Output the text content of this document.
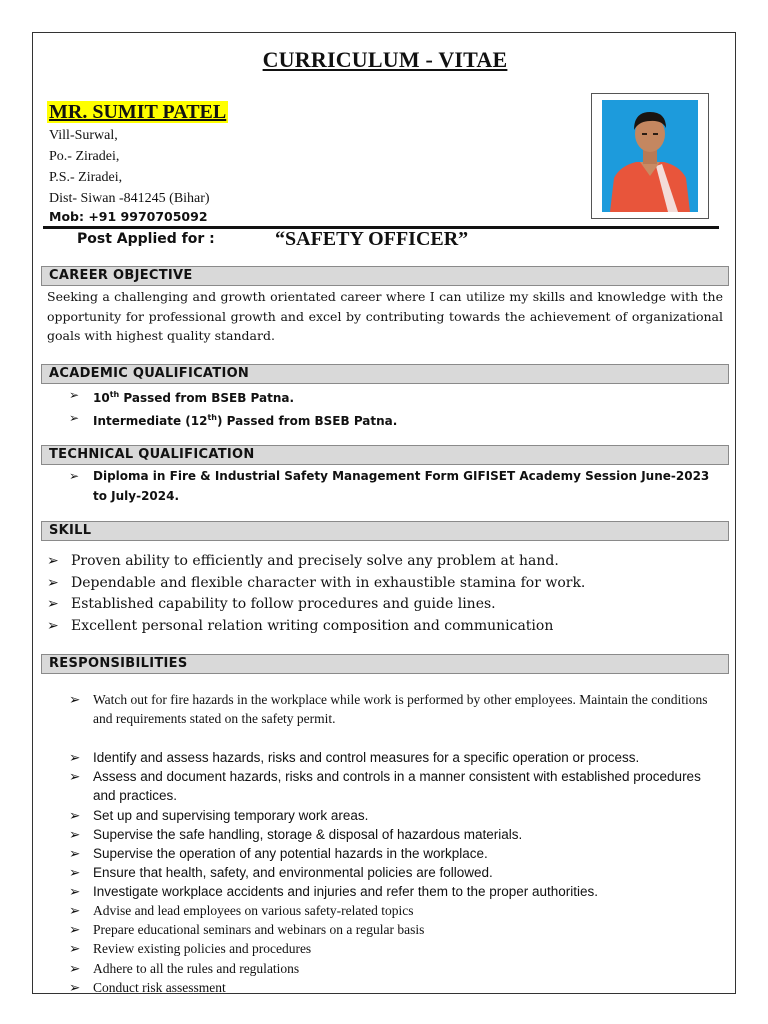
CURRICULUM - VITAE
MR. SUMIT PATEL
Vill-Surwal,
Po.- Ziradei,
P.S.- Ziradei,
Dist- Siwan -841245 (Bihar)
Mob: +91 9970705092
Post Applied for :	“SAFETY OFFICER”
CAREER OBJECTIVE
Seeking a challenging and growth orientated career where I can utilize my skills and knowledge with the opportunity for professional growth and excel by contributing towards the achievement of organizational goals with highest quality standard.
ACADEMIC QUALIFICATION
➢ 10th Passed from BSEB Patna.
➢ Intermediate (12th) Passed from BSEB Patna.
TECHNICAL QUALIFICATION
➢ Diploma in Fire & Industrial Safety Management Form GIFISET Academy Session June-2023 to July-2024.
SKILL
➢ Proven ability to efficiently and precisely solve any problem at hand.
➢ Dependable and flexible character with in exhaustible stamina for work.
➢ Established capability to follow procedures and guide lines.
➢ Excellent personal relation writing composition and communication
RESPONSIBILITIES
➢ Watch out for fire hazards in the workplace while work is performed by other employees. Maintain the conditions and requirements stated on the safety permit.
➢ Identify and assess hazards, risks and control measures for a specific operation or process.
➢ Assess and document hazards, risks and controls in a manner consistent with established procedures and practices.
➢ Set up and supervising temporary work areas.
➢ Supervise the safe handling, storage & disposal of hazardous materials.
➢ Supervise the operation of any potential hazards in the workplace.
➢ Ensure that health, safety, and environmental policies are followed.
➢ Investigate workplace accidents and injuries and refer them to the proper authorities.
➢ Advise and lead employees on various safety-related topics
➢ Prepare educational seminars and webinars on a regular basis
➢ Review existing policies and procedures
➢ Adhere to all the rules and regulations
➢ Conduct risk assessment
